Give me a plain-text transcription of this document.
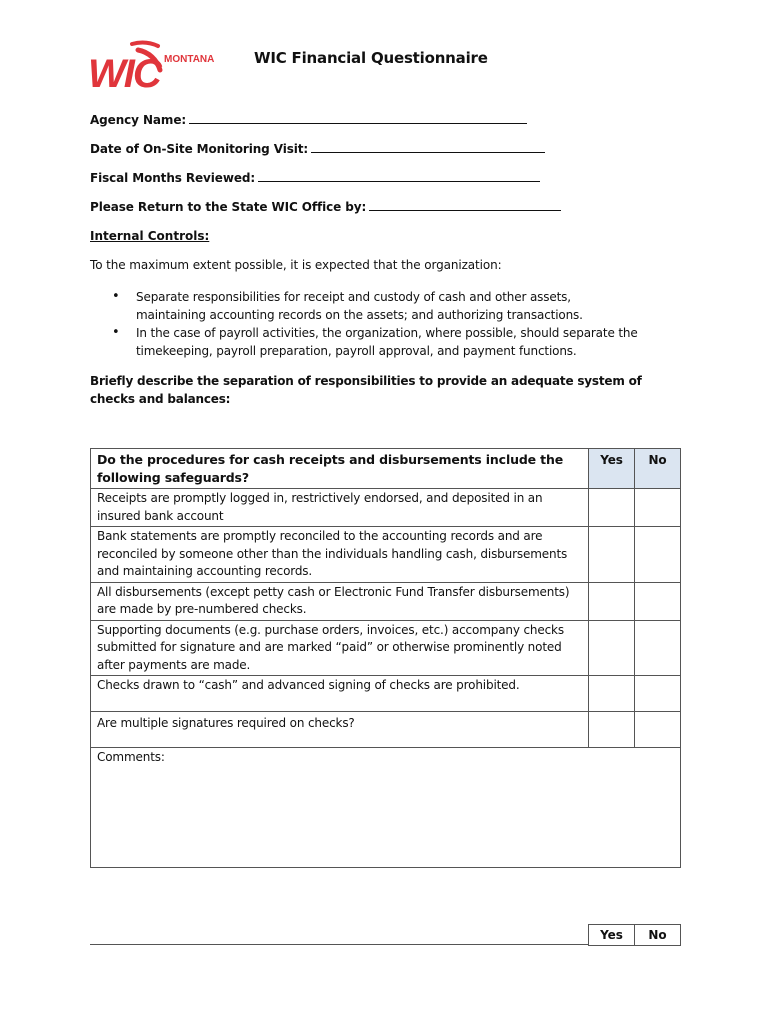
WIC MONTANA	WIC Financial Questionnaire
Agency Name:
Date of On-Site Monitoring Visit:
Fiscal Months Reviewed:
Please Return to the State WIC Office by:
Internal Controls:
To the maximum extent possible, it is expected that the organization:
• Separate responsibilities for receipt and custody of cash and other assets, maintaining accounting records on the assets; and authorizing transactions.
• In the case of payroll activities, the organization, where possible, should separate the timekeeping, payroll preparation, payroll approval, and payment functions.
Briefly describe the separation of responsibilities to provide an adequate system of checks and balances:
Do the procedures for cash receipts and disbursements include the following safeguards?	Yes	No
Receipts are promptly logged in, restrictively endorsed, and deposited in an insured bank account		
Bank statements are promptly reconciled to the accounting records and are reconciled by someone other than the individuals handling cash, disbursements and maintaining accounting records.		
All disbursements (except petty cash or Electronic Fund Transfer disbursements) are made by pre-numbered checks.		
Supporting documents (e.g. purchase orders, invoices, etc.) accompany checks submitted for signature and are marked “paid” or otherwise prominently noted after payments are made.		
Checks drawn to “cash” and advanced signing of checks are prohibited.		
Are multiple signatures required on checks?		

Comments:		
Yes	No
